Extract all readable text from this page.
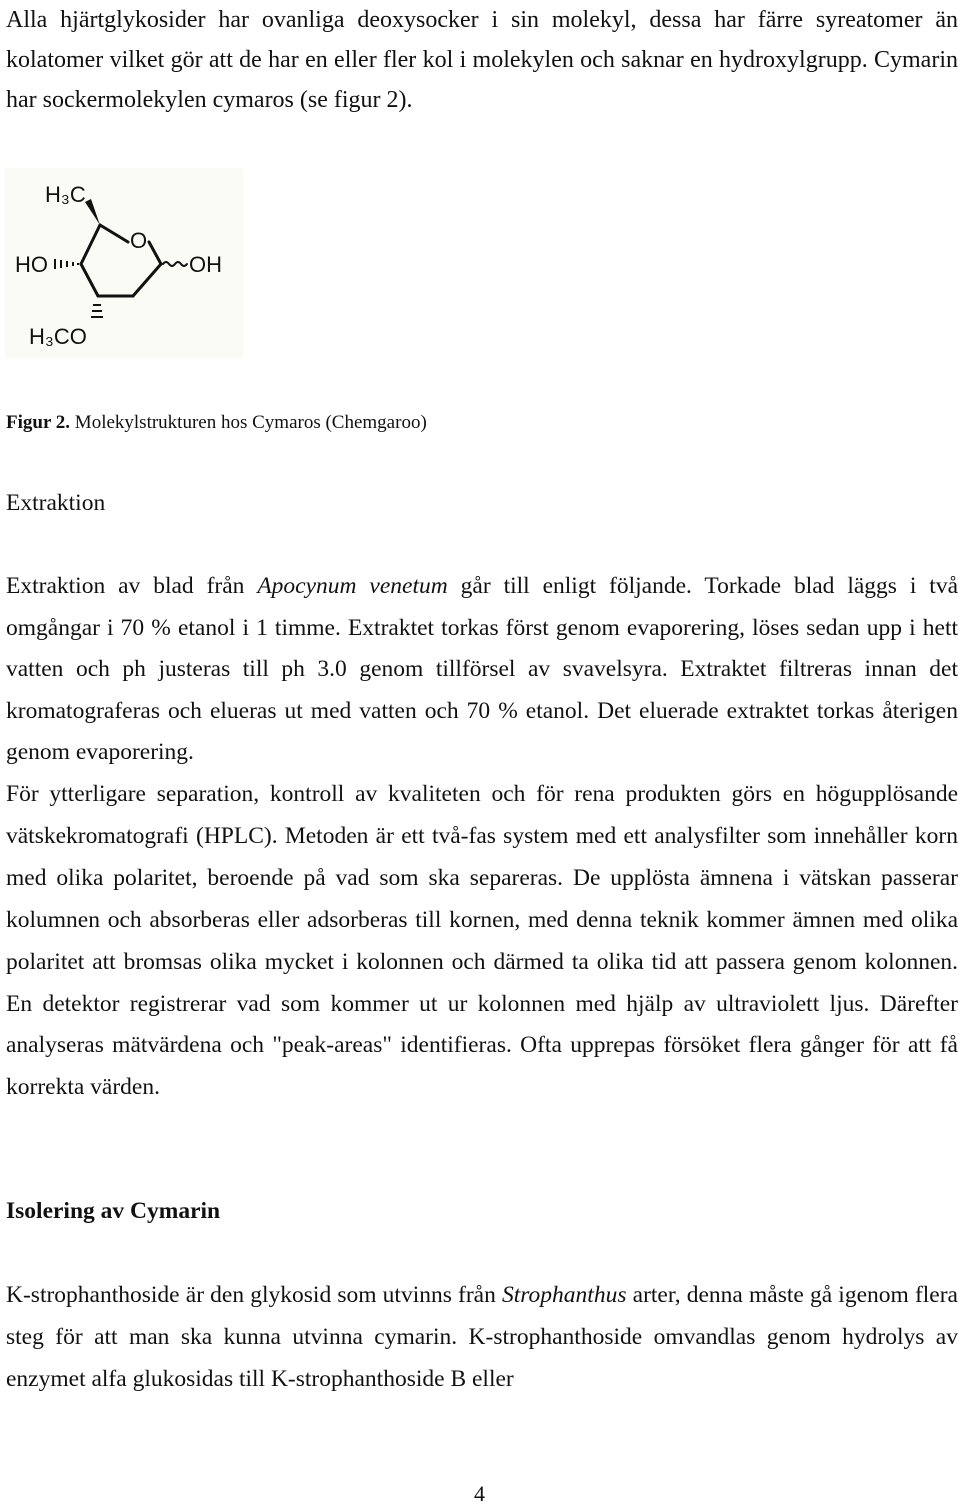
Alla hjärtglykosider har ovanliga deoxysocker i sin molekyl, dessa har färre syreatomer än kolatomer vilket gör att de har en eller fler kol i molekylen och saknar en hydroxylgrupp. Cymarin har sockermolekylen cymaros (se figur 2).

H₃C
O
HO	OH
H₃CO
Figur 2. Molekylstrukturen hos Cymaros (Chemgaroo)
Extraktion

Extraktion av blad från Apocynum venetum går till enligt följande. Torkade blad läggs i två omgångar i 70 % etanol i 1 timme. Extraktet torkas först genom evaporering, löses sedan upp i hett vatten och ph justeras till ph 3.0 genom tillförsel av svavelsyra. Extraktet filtreras innan det kromatograferas och elueras ut med vatten och 70 % etanol. Det eluerade extraktet torkas återigen genom evaporering.

För ytterligare separation, kontroll av kvaliteten och för rena produkten görs en högupplösande vätskekromatografi (HPLC). Metoden är ett två-fas system med ett analysfilter som innehåller korn med olika polaritet, beroende på vad som ska separeras. De upplösta ämnena i vätskan passerar kolumnen och absorberas eller adsorberas till kornen, med denna teknik kommer ämnen med olika polaritet att bromsas olika mycket i kolonnen och därmed ta olika tid att passera genom kolonnen. En detektor registrerar vad som kommer ut ur kolonnen med hjälp av ultraviolett ljus. Därefter analyseras mätvärdena och "peak-areas" identifieras. Ofta upprepas försöket flera gånger för att få korrekta värden.

Isolering av Cymarin

K-strophanthoside är den glykosid som utvinns från Strophanthus arter, denna måste gå igenom flera steg för att man ska kunna utvinna cymarin. K-strophanthoside omvandlas genom hydrolys av enzymet alfa glukosidas till K-strophanthoside B eller

4
